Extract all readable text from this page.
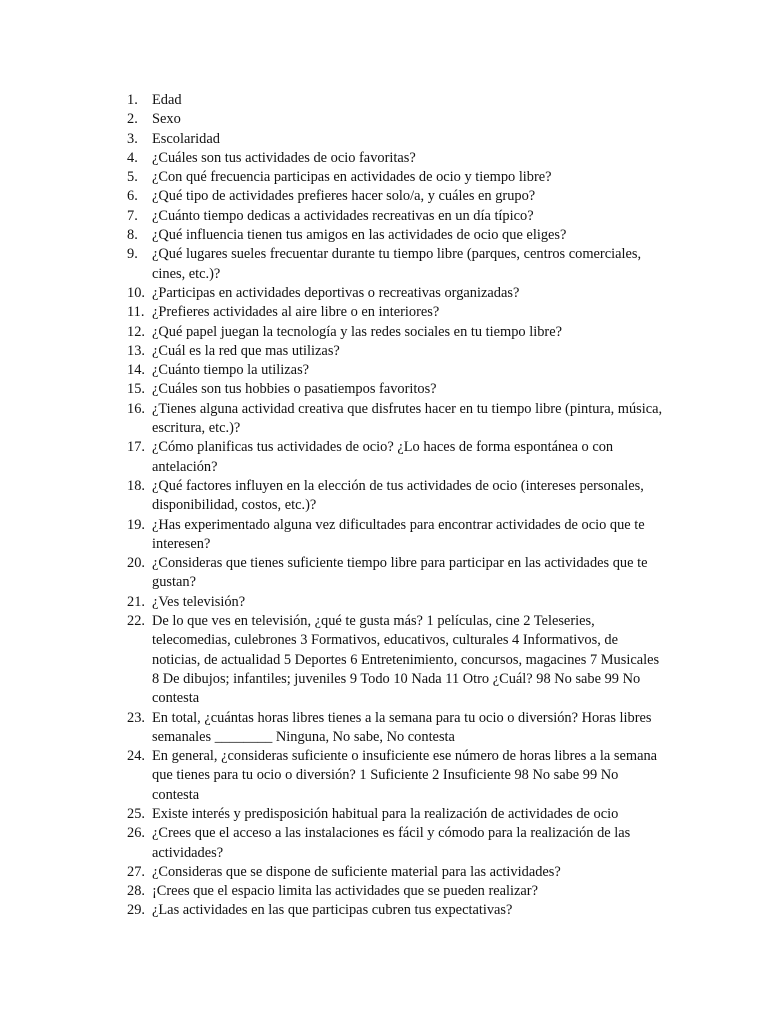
1. Edad
2. Sexo
3. Escolaridad
4. ¿Cuáles son tus actividades de ocio favoritas?
5. ¿Con qué frecuencia participas en actividades de ocio y tiempo libre?
6. ¿Qué tipo de actividades prefieres hacer solo/a, y cuáles en grupo?
7. ¿Cuánto tiempo dedicas a actividades recreativas en un día típico?
8. ¿Qué influencia tienen tus amigos en las actividades de ocio que eliges?
9. ¿Qué lugares sueles frecuentar durante tu tiempo libre (parques, centros comerciales, cines, etc.)?
10. ¿Participas en actividades deportivas o recreativas organizadas?
11. ¿Prefieres actividades al aire libre o en interiores?
12. ¿Qué papel juegan la tecnología y las redes sociales en tu tiempo libre?
13. ¿Cuál es la red que mas utilizas?
14. ¿Cuánto tiempo la utilizas?
15. ¿Cuáles son tus hobbies o pasatiempos favoritos?
16. ¿Tienes alguna actividad creativa que disfrutes hacer en tu tiempo libre (pintura, música, escritura, etc.)?
17. ¿Cómo planificas tus actividades de ocio? ¿Lo haces de forma espontánea o con antelación?
18. ¿Qué factores influyen en la elección de tus actividades de ocio (intereses personales, disponibilidad, costos, etc.)?
19. ¿Has experimentado alguna vez dificultades para encontrar actividades de ocio que te interesen?
20. ¿Consideras que tienes suficiente tiempo libre para participar en las actividades que te gustan?
21. ¿Ves televisión?
22. De lo que ves en televisión, ¿qué te gusta más? 1 películas, cine 2 Teleseries, telecomedias, culebrones 3 Formativos, educativos, culturales 4 Informativos, de noticias, de actualidad 5 Deportes 6 Entretenimiento, concursos, magacines 7 Musicales 8 De dibujos; infantiles; juveniles 9 Todo 10 Nada 11 Otro ¿Cuál? 98 No sabe 99 No contesta
23. En total, ¿cuántas horas libres tienes a la semana para tu ocio o diversión? Horas libres semanales ________ Ninguna, No sabe, No contesta
24. En general, ¿consideras suficiente o insuficiente ese número de horas libres a la semana que tienes para tu ocio o diversión? 1 Suficiente 2 Insuficiente 98 No sabe 99 No contesta
25. Existe interés y predisposición habitual para la realización de actividades de ocio
26. ¿Crees que el acceso a las instalaciones es fácil y cómodo para la realización de las actividades?
27. ¿Consideras que se dispone de suficiente material para las actividades?
28. ¡Crees que el espacio limita las actividades que se pueden realizar?
29. ¿Las actividades en las que participas cubren tus expectativas?
